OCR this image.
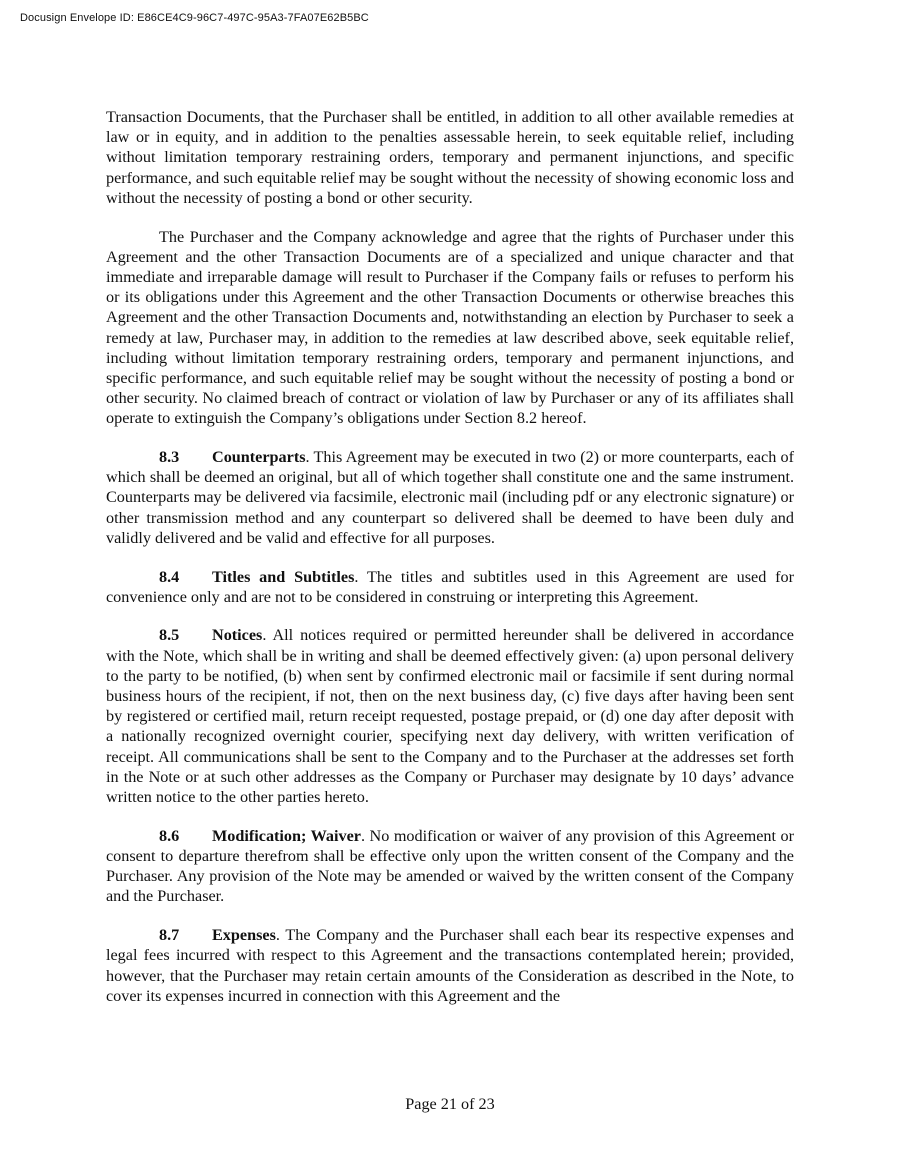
Docusign Envelope ID: E86CE4C9-96C7-497C-95A3-7FA07E62B5BC

Transaction Documents, that the Purchaser shall be entitled, in addition to all other available remedies at law or in equity, and in addition to the penalties assessable herein, to seek equitable relief, including without limitation temporary restraining orders, temporary and permanent injunctions, and specific performance, and such equitable relief may be sought without the necessity of showing economic loss and without the necessity of posting a bond or other security.

The Purchaser and the Company acknowledge and agree that the rights of Purchaser under this Agreement and the other Transaction Documents are of a specialized and unique character and that immediate and irreparable damage will result to Purchaser if the Company fails or refuses to perform his or its obligations under this Agreement and the other Transaction Documents or otherwise breaches this Agreement and the other Transaction Documents and, notwithstanding an election by Purchaser to seek a remedy at law, Purchaser may, in addition to the remedies at law described above, seek equitable relief, including without limitation temporary restraining orders, temporary and permanent injunctions, and specific performance, and such equitable relief may be sought without the necessity of posting a bond or other security. No claimed breach of contract or violation of law by Purchaser or any of its affiliates shall operate to extinguish the Company’s obligations under Section 8.2 hereof.

8.3 Counterparts. This Agreement may be executed in two (2) or more counterparts, each of which shall be deemed an original, but all of which together shall constitute one and the same instrument. Counterparts may be delivered via facsimile, electronic mail (including pdf or any electronic signature) or other transmission method and any counterpart so delivered shall be deemed to have been duly and validly delivered and be valid and effective for all purposes.

8.4 Titles and Subtitles. The titles and subtitles used in this Agreement are used for convenience only and are not to be considered in construing or interpreting this Agreement.

8.5 Notices. All notices required or permitted hereunder shall be delivered in accordance with the Note, which shall be in writing and shall be deemed effectively given: (a) upon personal delivery to the party to be notified, (b) when sent by confirmed electronic mail or facsimile if sent during normal business hours of the recipient, if not, then on the next business day, (c) five days after having been sent by registered or certified mail, return receipt requested, postage prepaid, or (d) one day after deposit with a nationally recognized overnight courier, specifying next day delivery, with written verification of receipt. All communications shall be sent to the Company and to the Purchaser at the addresses set forth in the Note or at such other addresses as the Company or Purchaser may designate by 10 days’ advance written notice to the other parties hereto.

8.6 Modification; Waiver. No modification or waiver of any provision of this Agreement or consent to departure therefrom shall be effective only upon the written consent of the Company and the Purchaser. Any provision of the Note may be amended or waived by the written consent of the Company and the Purchaser.

8.7 Expenses. The Company and the Purchaser shall each bear its respective expenses and legal fees incurred with respect to this Agreement and the transactions contemplated herein; provided, however, that the Purchaser may retain certain amounts of the Consideration as described in the Note, to cover its expenses incurred in connection with this Agreement and the

Page 21 of 23
